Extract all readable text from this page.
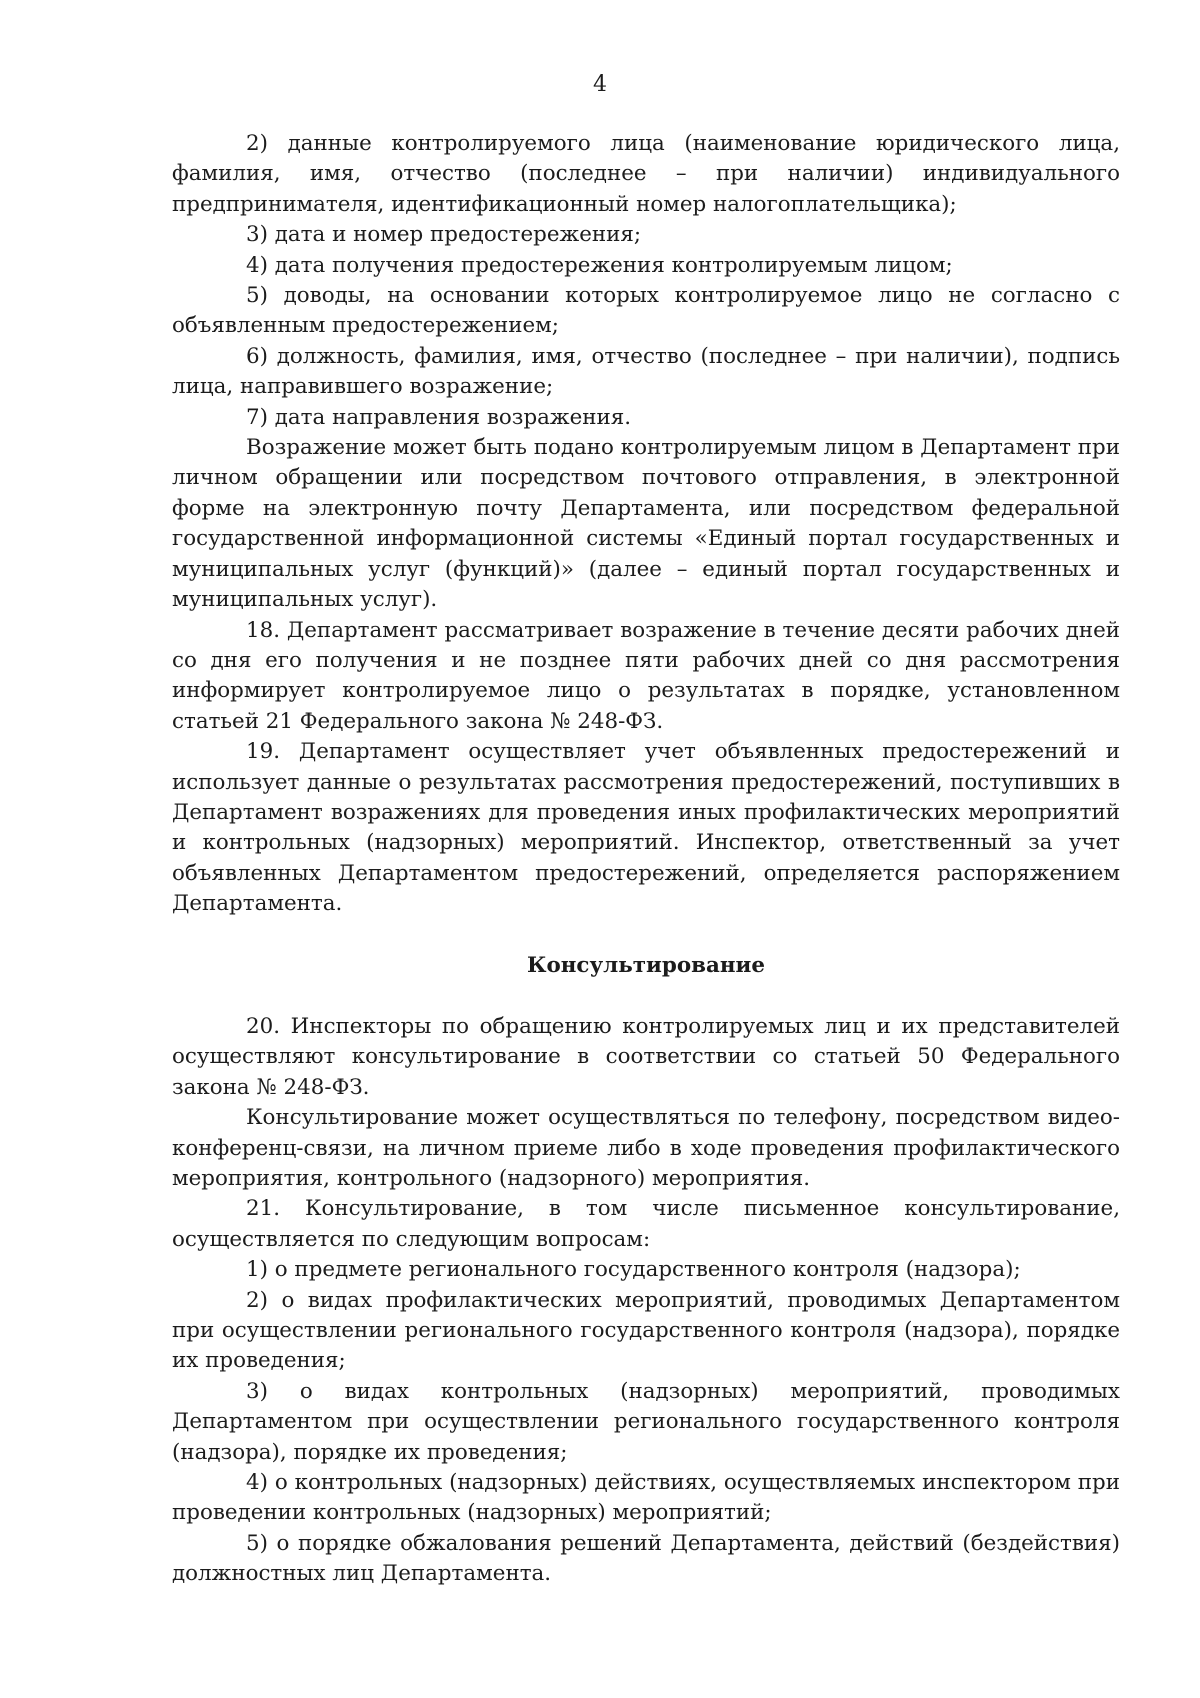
4

2) данные контролируемого лица (наименование юридического лица, фамилия, имя, отчество (последнее – при наличии) индивидуального предпринимателя, идентификационный номер налогоплательщика);

3) дата и номер предостережения;

4) дата получения предостережения контролируемым лицом;

5) доводы, на основании которых контролируемое лицо не согласно с объявленным предостережением;

6) должность, фамилия, имя, отчество (последнее – при наличии), подпись лица, направившего возражение;

7) дата направления возражения.

Возражение может быть подано контролируемым лицом в Департамент при личном обращении или посредством почтового отправления, в электронной форме на электронную почту Департамента, или посредством федеральной государственной информационной системы «Единый портал государственных и муниципальных услуг (функций)» (далее – единый портал государственных и муниципальных услуг).

18. Департамент рассматривает возражение в течение десяти рабочих дней со дня его получения и не позднее пяти рабочих дней со дня рассмотрения информирует контролируемое лицо о результатах в порядке, установленном статьей 21 Федерального закона № 248-ФЗ.

19. Департамент осуществляет учет объявленных предостережений и использует данные о результатах рассмотрения предостережений, поступивших в Департамент возражениях для проведения иных профилактических мероприятий и контрольных (надзорных) мероприятий. Инспектор, ответственный за учет объявленных Департаментом предостережений, определяется распоряжением Департамента.

Консультирование

20. Инспекторы по обращению контролируемых лиц и их представителей осуществляют консультирование в соответствии со статьей 50 Федерального закона № 248-ФЗ.

Консультирование может осуществляться по телефону, посредством видео-конференц-связи, на личном приеме либо в ходе проведения профилактического мероприятия, контрольного (надзорного) мероприятия.

21. Консультирование, в том числе письменное консультирование, осуществляется по следующим вопросам:

1) о предмете регионального государственного контроля (надзора);

2) о видах профилактических мероприятий, проводимых Департаментом при осуществлении регионального государственного контроля (надзора), порядке их проведения;

3) о видах контрольных (надзорных) мероприятий, проводимых Департаментом при осуществлении регионального государственного контроля (надзора), порядке их проведения;

4) о контрольных (надзорных) действиях, осуществляемых инспектором при проведении контрольных (надзорных) мероприятий;

5) о порядке обжалования решений Департамента, действий (бездействия) должностных лиц Департамента.
